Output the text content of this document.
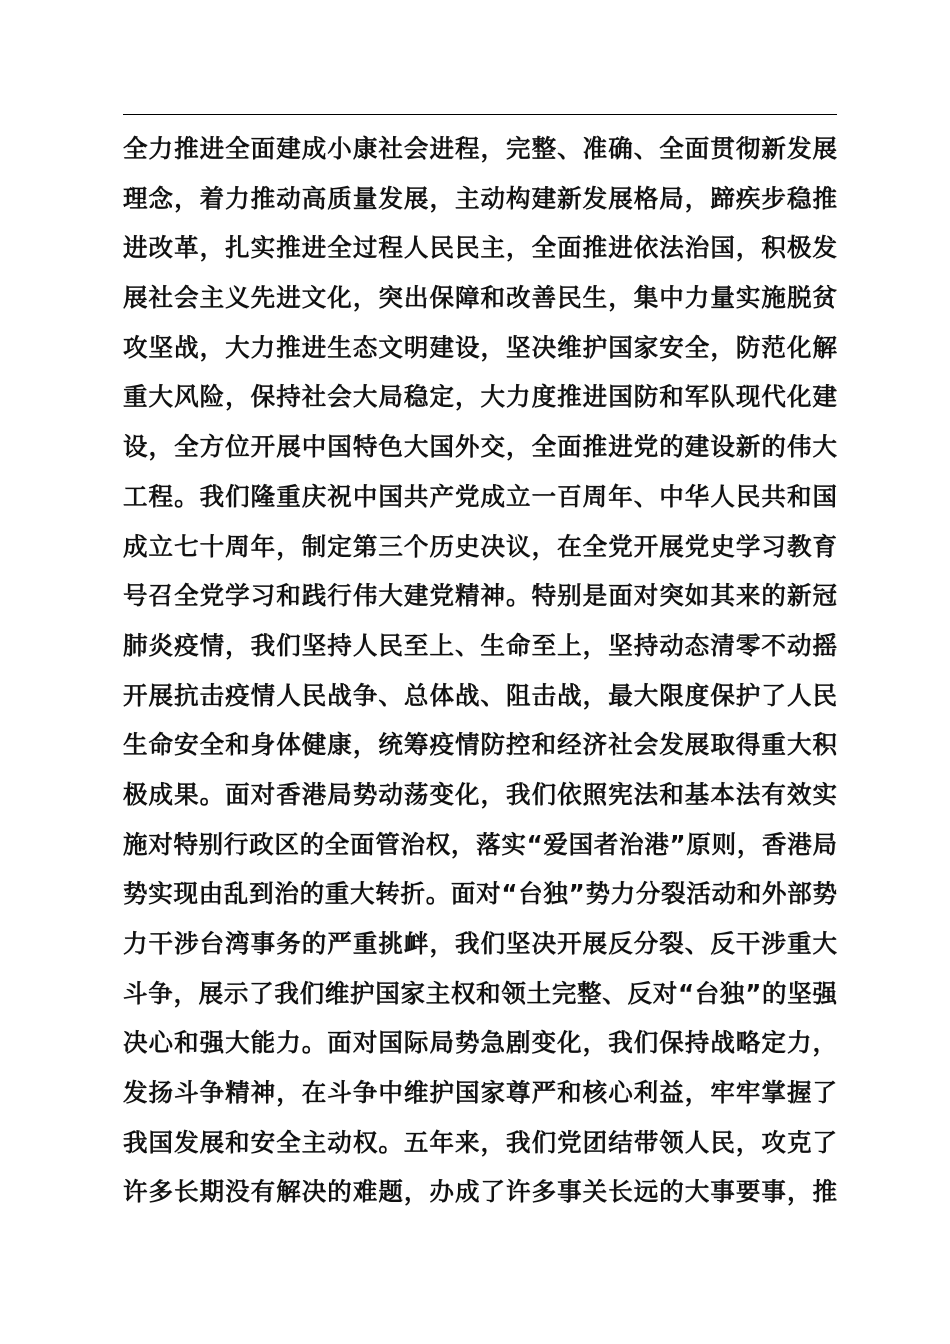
全力推进全面建成小康社会进程，完整、准确、全面贯彻新发展
理念，着力推动高质量发展，主动构建新发展格局，蹄疾步稳推
进改革，扎实推进全过程人民民主，全面推进依法治国，积极发
展社会主义先进文化，突出保障和改善民生，集中力量实施脱贫
攻坚战，大力推进生态文明建设，坚决维护国家安全，防范化解
重大风险，保持社会大局稳定，大力度推进国防和军队现代化建
设，全方位开展中国特色大国外交，全面推进党的建设新的伟大
工程。我们隆重庆祝中国共产党成立一百周年、中华人民共和国
成立七十周年，制定第三个历史决议，在全党开展党史学习教育
号召全党学习和践行伟大建党精神。特别是面对突如其来的新冠
肺炎疫情，我们坚持人民至上、生命至上，坚持动态清零不动摇
开展抗击疫情人民战争、总体战、阻击战，最大限度保护了人民
生命安全和身体健康，统筹疫情防控和经济社会发展取得重大积
极成果。面对香港局势动荡变化，我们依照宪法和基本法有效实
施对特别行政区的全面管治权，落实“爱国者治港”原则，香港局
势实现由乱到治的重大转折。面对“台独”势力分裂活动和外部势
力干涉台湾事务的严重挑衅，我们坚决开展反分裂、反干涉重大
斗争，展示了我们维护国家主权和领土完整、反对“台独”的坚强
决心和强大能力。面对国际局势急剧变化，我们保持战略定力，
发扬斗争精神，在斗争中维护国家尊严和核心利益，牢牢掌握了
我国发展和安全主动权。五年来，我们党团结带领人民，攻克了
许多长期没有解决的难题，办成了许多事关长远的大事要事，推
